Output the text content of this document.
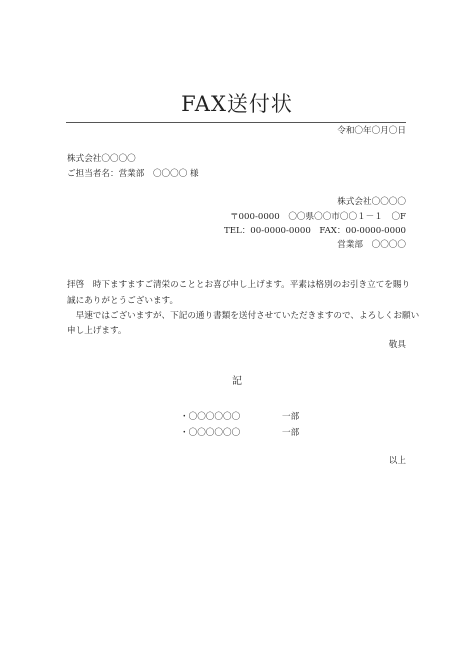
FAX送付状
令和〇年〇月〇日
株式会社〇〇〇〇
ご担当者名：営業部　〇〇〇〇 様
株式会社〇〇〇〇
〒000-0000　〇〇県〇〇市〇〇１－１　〇F
TEL：00-0000-0000　FAX：00-0000-0000
営業部　〇〇〇〇
拝啓　時下ますますご清栄のこととお喜び申し上げます。平素は格別のお引き立てを賜り
誠にありがとうございます。
　早速ではございますが、下記の通り書類を送付させていただきますので、よろしくお願い
申し上げます。
敬具
記
・〇〇〇〇〇〇	一部
・〇〇〇〇〇〇	一部
以上
